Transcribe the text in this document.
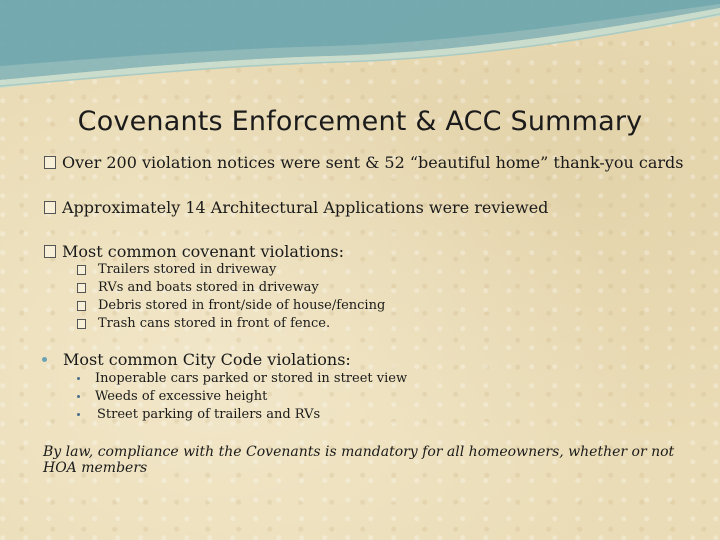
Covenants Enforcement & ACC Summary
Over 200 violation notices were sent & 52 “beautiful home” thank-you cards
Approximately 14 Architectural Applications were reviewed
Most common covenant violations:
Trailers stored in driveway
RVs and boats stored in driveway
Debris stored in front/side of house/fencing
Trash cans stored in front of fence.
Most common City Code violations:
Inoperable cars parked or stored in street view
Weeds of excessive height
Street parking of trailers and RVs
By law, compliance with the Covenants is mandatory for all homeowners, whether or not HOA members
